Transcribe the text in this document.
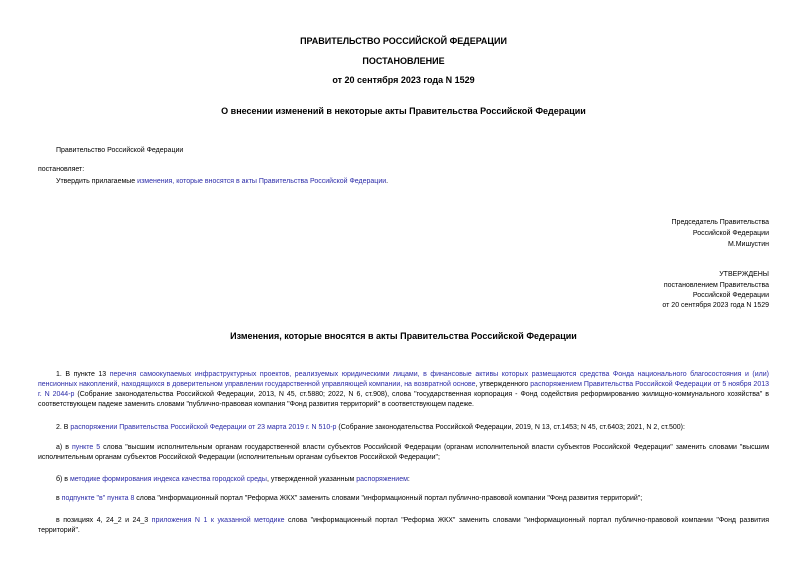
ПРАВИТЕЛЬСТВО РОССИЙСКОЙ ФЕДЕРАЦИИ
ПОСТАНОВЛЕНИЕ
от 20 сентября 2023 года N 1529
О внесении изменений в некоторые акты Правительства Российской Федерации
Правительство Российской Федерации
постановляет:
Утвердить прилагаемые изменения, которые вносятся в акты Правительства Российской Федерации.
Председатель Правительства
Российской Федерации
М.Мишустин
УТВЕРЖДЕНЫ
постановлением Правительства
Российской Федерации
от 20 сентября 2023 года N 1529
Изменения, которые вносятся в акты Правительства Российской Федерации
1. В пункте 13 перечня самоокупаемых инфраструктурных проектов, реализуемых юридическими лицами, в финансовые активы которых размещаются средства Фонда национального благосостояния и (или) пенсионных накоплений, находящихся в доверительном управлении государственной управляющей компании, на возвратной основе, утвержденного распоряжением Правительства Российской Федерации от 5 ноября 2013 г. N 2044-р (Собрание законодательства Российской Федерации, 2013, N 45, ст.5880; 2022, N 6, ст.908), слова "государственная корпорация - Фонд содействия реформированию жилищно-коммунального хозяйства" в соответствующем падеже заменить словами "публично-правовая компания "Фонд развития территорий" в соответствующем падеже.
2. В распоряжении Правительства Российской Федерации от 23 марта 2019 г. N 510-р (Собрание законодательства Российской Федерации, 2019, N 13, ст.1453; N 45, ст.6403; 2021, N 2, ст.500):
а) в пункте 5 слова "высшим исполнительным органам государственной власти субъектов Российской Федерации (органам исполнительной власти субъектов Российской Федерации" заменить словами "высшим исполнительным органам субъектов Российской Федерации (исполнительным органам субъектов Российской Федерации";
б) в методике формирования индекса качества городской среды, утвержденной указанным распоряжением:
в подпункте "в" пункта 8 слова "информационный портал "Реформа ЖКХ" заменить словами "информационный портал публично-правовой компании "Фонд развития территорий";
в позициях 4, 24_2 и 24_3 приложения N 1 к указанной методике слова "информационный портал "Реформа ЖКХ" заменить словами "информационный портал публично-правовой компании "Фонд развития территорий".
